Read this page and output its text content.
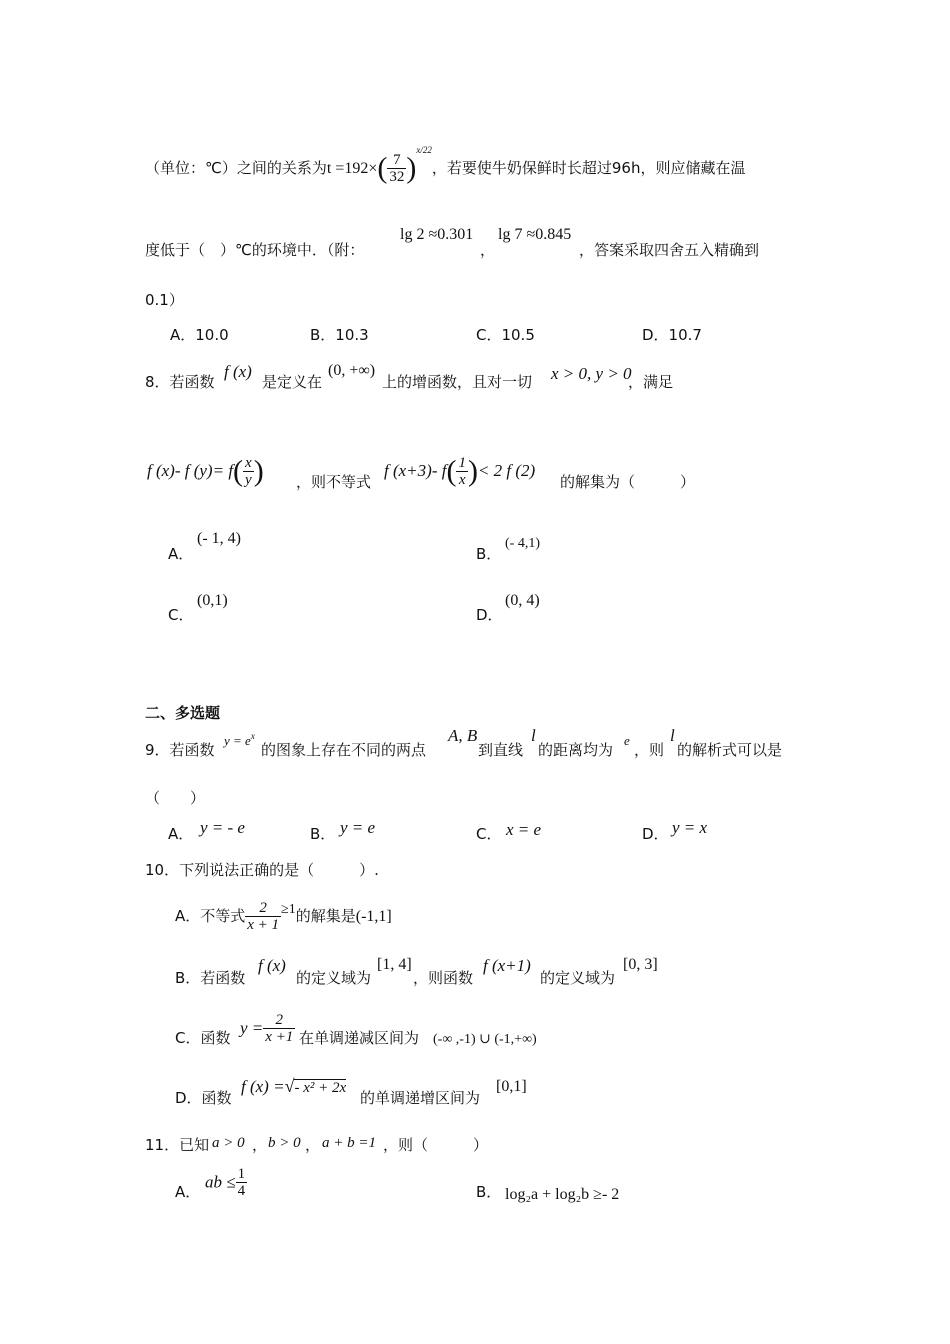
（单位：℃）之间的关系为$t =192\times( \frac{7}{32} )^{x/22}$，若要使牛奶保鲜时长超过96h，则应储藏在温
lg 2 ≈0.301 lg 7 ≈0.845
度低于（　）℃的环境中．（附：	，	，答案采取四舍五入精确到
0.1）
A．10.0	B．10.3	C．10.5	D．10.7
8．若函数
f (x)
是定义在
(0, +∞)
上的增函数，且对一切 x > 0, y > 0
，满足
f (x)- f $(y)= f( \frac{x}{y}$ ) ，则不等式
f (x+3)- $f( \frac{1}{x}$ )< 2 f (2)
的解集为（　　　）
A．
(- 1, 4)
B．
(- 4,1)
C．
(0,1)
D．
(0, 4)
二、多选题
9．若函数
$y = e^x$
的图象上存在不同的两点
A, B
到直线
l
的距离均为
e
，则
l
的解析式可以是
（　　）
A． y = - e	B． y = e	C． x = e	D． y = x
10．下列说法正确的是（　　　）.
A．不等式 $\frac{2}{x + 1} \ge 1$的解集是(-1,1]
B．若函数
f (x)
的定义域为
[1, 4]
，则函数
f (x+1)
的定义域为
[0, 3]
C．函数
$y = \frac{2}{x +1}$ 在单调递减区间为 (-∞ ,-1) ∪ (-1,+∞)
D．函数
f (x) =√- x² + 2x
的单调递增区间为
[0,1]
11．已知 a > 0 ， b > 0 ， a + b =1 ，则（　　　）
A．
ab ≤ $\frac{1}{4}$	B． log₂a + log₂b ≥- 2
